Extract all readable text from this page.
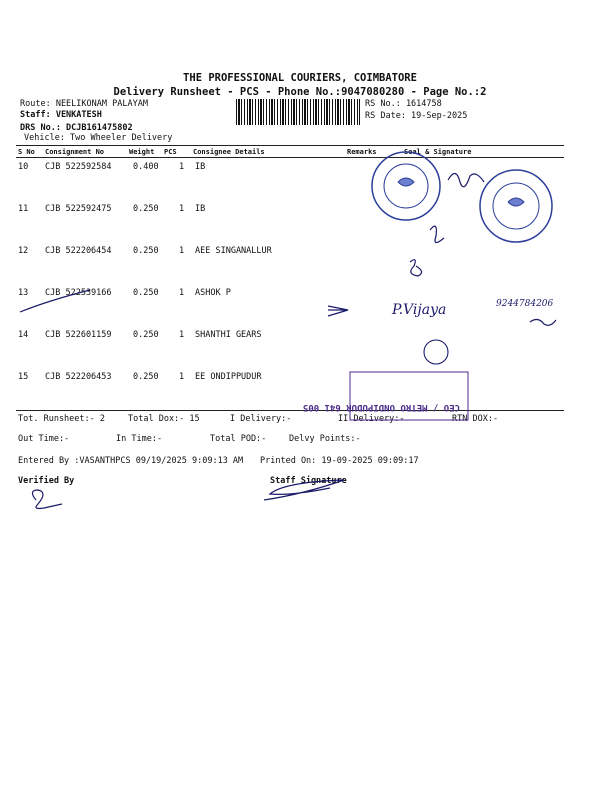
THE PROFESSIONAL COURIERS, COIMBATORE
Delivery Runsheet - PCS - Phone No.:9047080280 - Page No.:2
Route: NEELIKONAM PALAYAM
Staff: VENKATESH
DRS No.: DCJB161475802
Vehicle: Two Wheeler Delivery
RS No.: 1614758
RS Date: 19-Sep-2025
S No Consignment No	Weight PCS Consignee Details	Remarks	Seal & Signature
10 CJB 522592584	0.400 1 IB
11 CJB 522592475	0.250 1 IB
12 CJB 522206454	0.250 1 AEE SINGANALLUR
13 CJB 522539166	0.250 1 ASHOK P
14 CJB 522601159	0.250 1 SHANTHI GEARS
15 CJB 522206453	0.250 1 EE ONDIPPUDUR
Tot. Runsheet:- 2	Total Dox:- 15	I Delivery:-	II Delivery:-	RTN DOX:-
Out Time:-	In Time:-	Total POD:-	Delvy Points:-
Entered By :VASANTHPCS 09/19/2025 9:09:13 AM Printed On: 19-09-2025 09:09:17
Verified By	Staff Signature
P.Vijaya	9244784206
CEO / METRO ONDIPUDUR 641 005
